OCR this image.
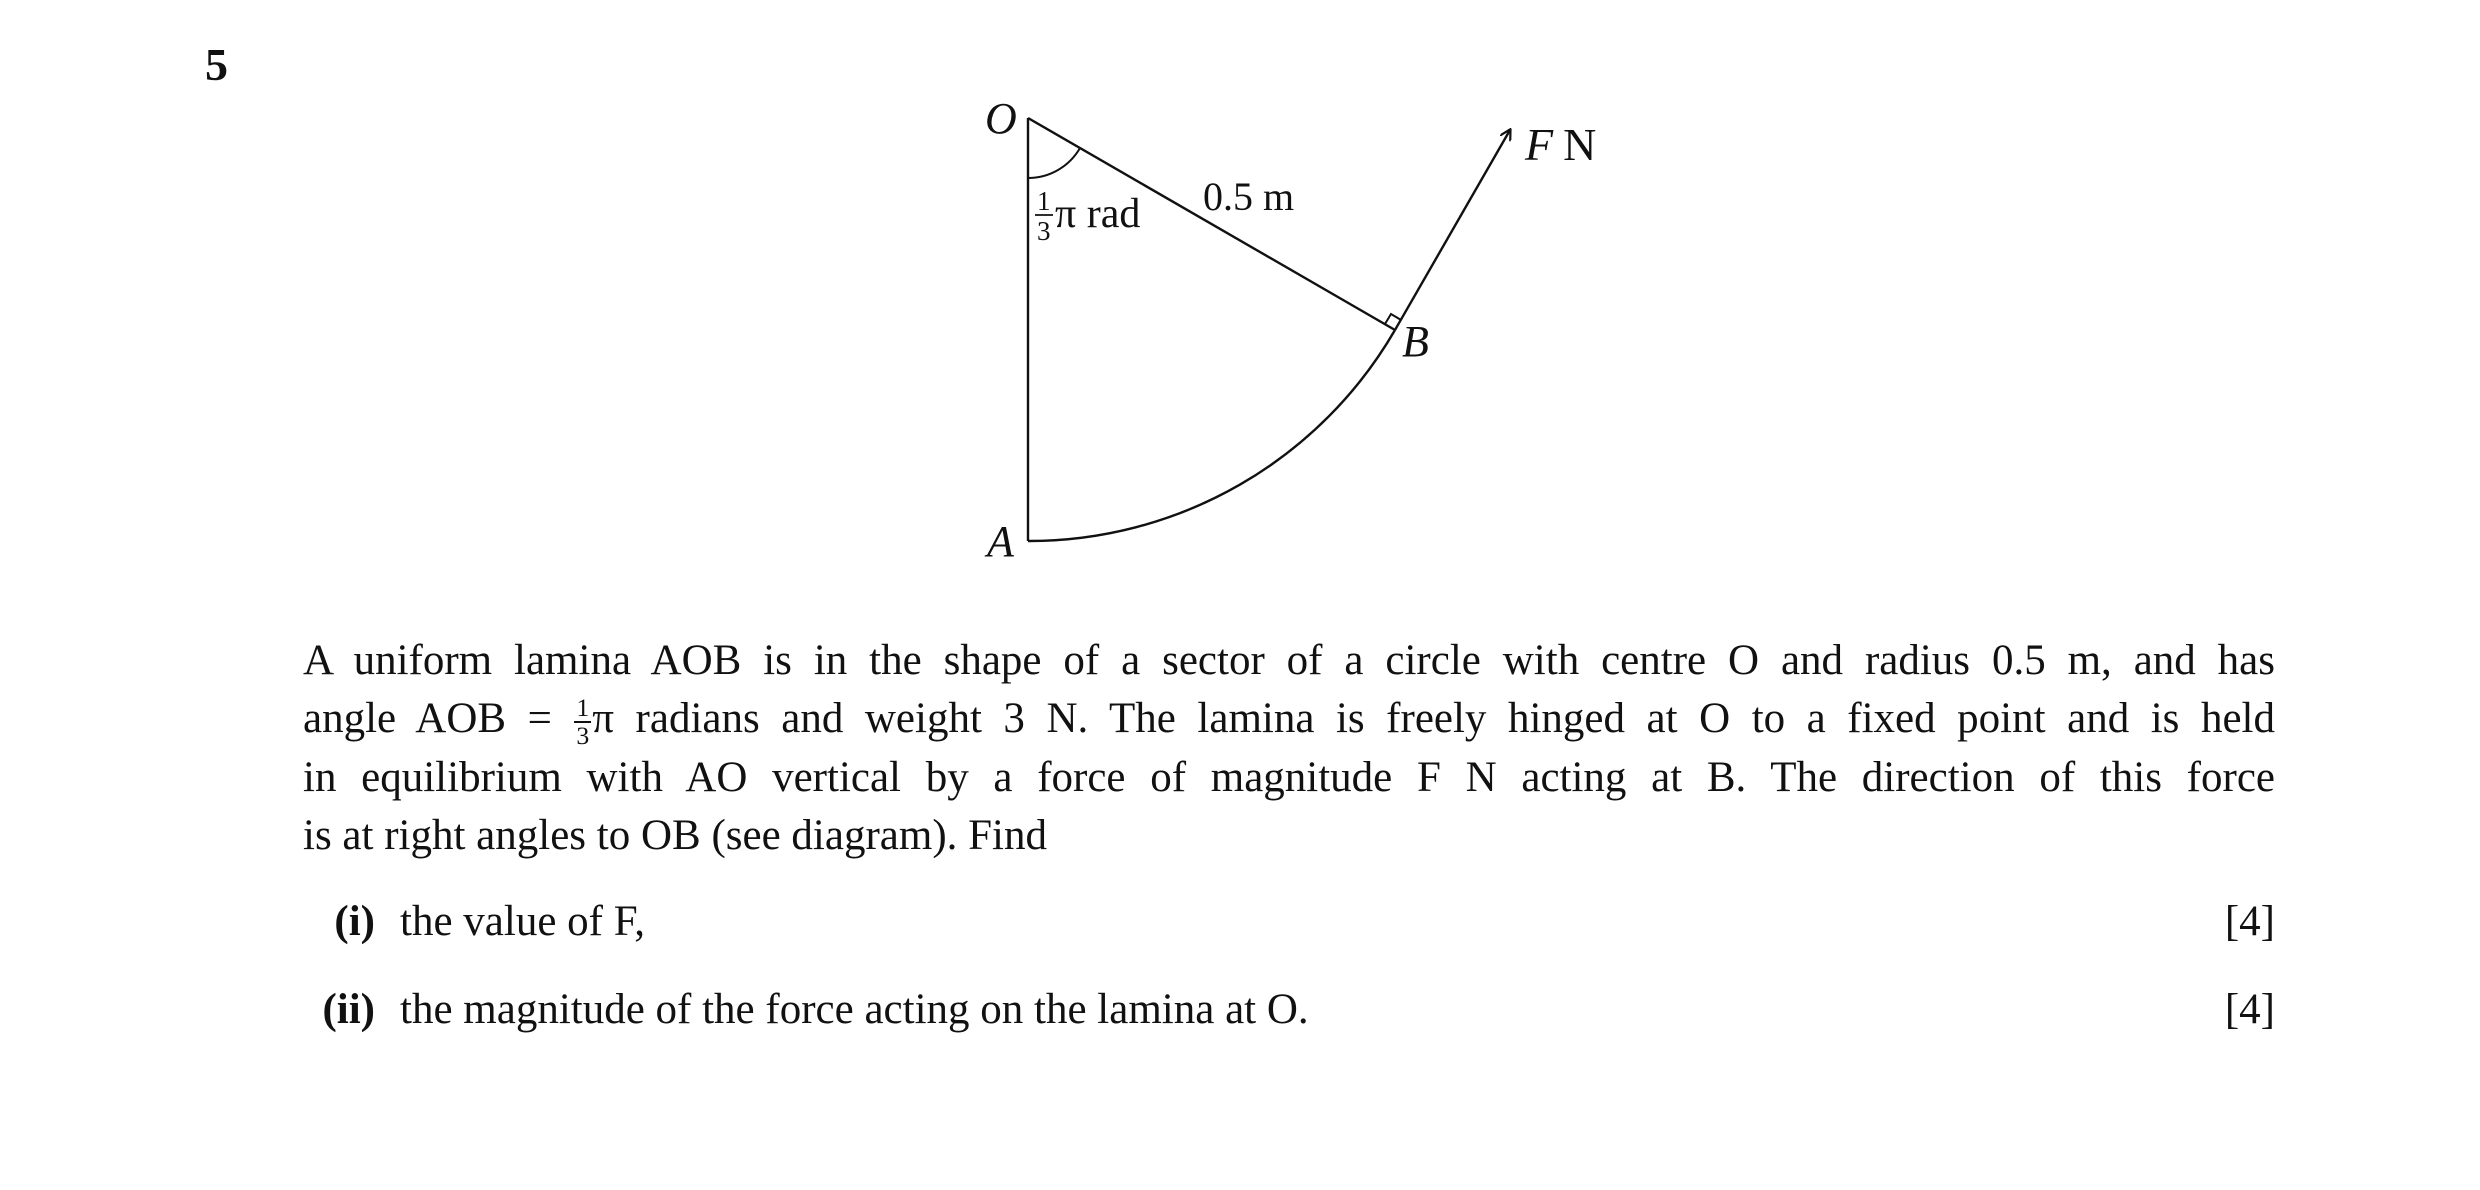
5
O
A
B
F N
0.5 m
1
3 π rad
A uniform lamina AOB is in the shape of a sector of a circle with centre O and radius 0.5 m, and has
angle AOB = $\frac{1}{3}$ π radians and weight 3 N. The lamina is freely hinged at O to a fixed point and is held
in equilibrium with AO vertical by a force of magnitude F N acting at B. The direction of this force
is at right angles to OB (see diagram). Find
(i) the value of F,	[4]
(ii) the magnitude of the force acting on the lamina at O.	[4]
